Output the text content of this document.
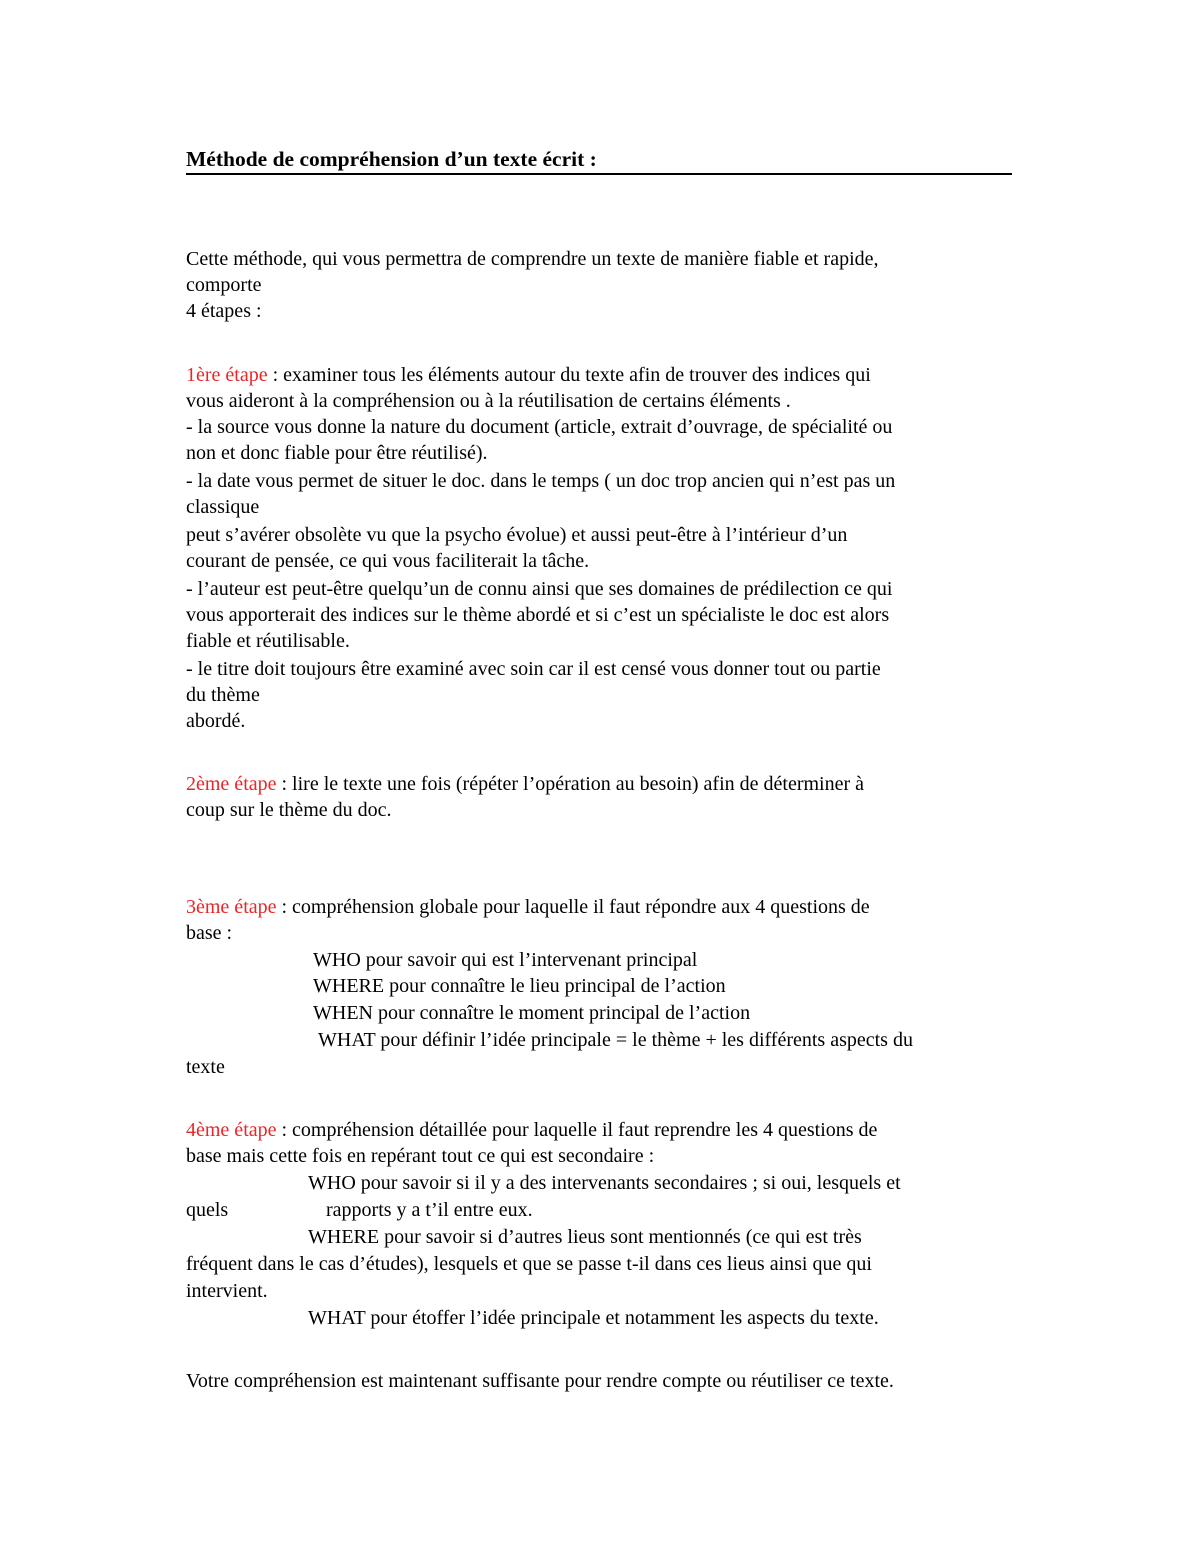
Méthode de compréhension d’un texte écrit :
Cette méthode, qui vous permettra de comprendre un texte de manière fiable et rapide,
comporte
4 étapes :
1ère étape : examiner tous les éléments autour du texte afin de trouver des indices qui
vous aideront à la compréhension ou à la réutilisation de certains éléments .
- la source vous donne la nature du document (article, extrait d’ouvrage, de spécialité ou
non et donc fiable pour être réutilisé).
- la date vous permet de situer le doc. dans le temps ( un doc trop ancien qui n’est pas un
classique
peut s’avérer obsolète vu que la psycho évolue) et aussi peut-être à l’intérieur d’un
courant de pensée, ce qui vous faciliterait la tâche.
- l’auteur est peut-être quelqu’un de connu ainsi que ses domaines de prédilection ce qui
vous apporterait des indices sur le thème abordé et si c’est un spécialiste le doc est alors
fiable et réutilisable.
- le titre doit toujours être examiné avec soin car il est censé vous donner tout ou partie
du thème
abordé.
2ème étape : lire le texte une fois (répéter l’opération au besoin) afin de déterminer à
coup sur le thème du doc.
3ème étape : compréhension globale pour laquelle il faut répondre aux 4 questions de
base :
WHO pour savoir qui est l’intervenant principal
WHERE pour connaître le lieu principal de l’action
WHEN pour connaître le moment principal de l’action
WHAT pour définir l’idée principale = le thème + les différents aspects du
texte
4ème étape : compréhension détaillée pour laquelle il faut reprendre les 4 questions de
base mais cette fois en repérant tout ce qui est secondaire :
WHO pour savoir si il y a des intervenants secondaires ; si oui, lesquels et
quels	rapports y a t’il entre eux.
WHERE pour savoir si d’autres lieus sont mentionnés (ce qui est très
fréquent dans le cas d’études), lesquels et que se passe t-il dans ces lieus ainsi que qui
intervient.
WHAT pour étoffer l’idée principale et notamment les aspects du texte.
Votre compréhension est maintenant suffisante pour rendre compte ou réutiliser ce texte.
